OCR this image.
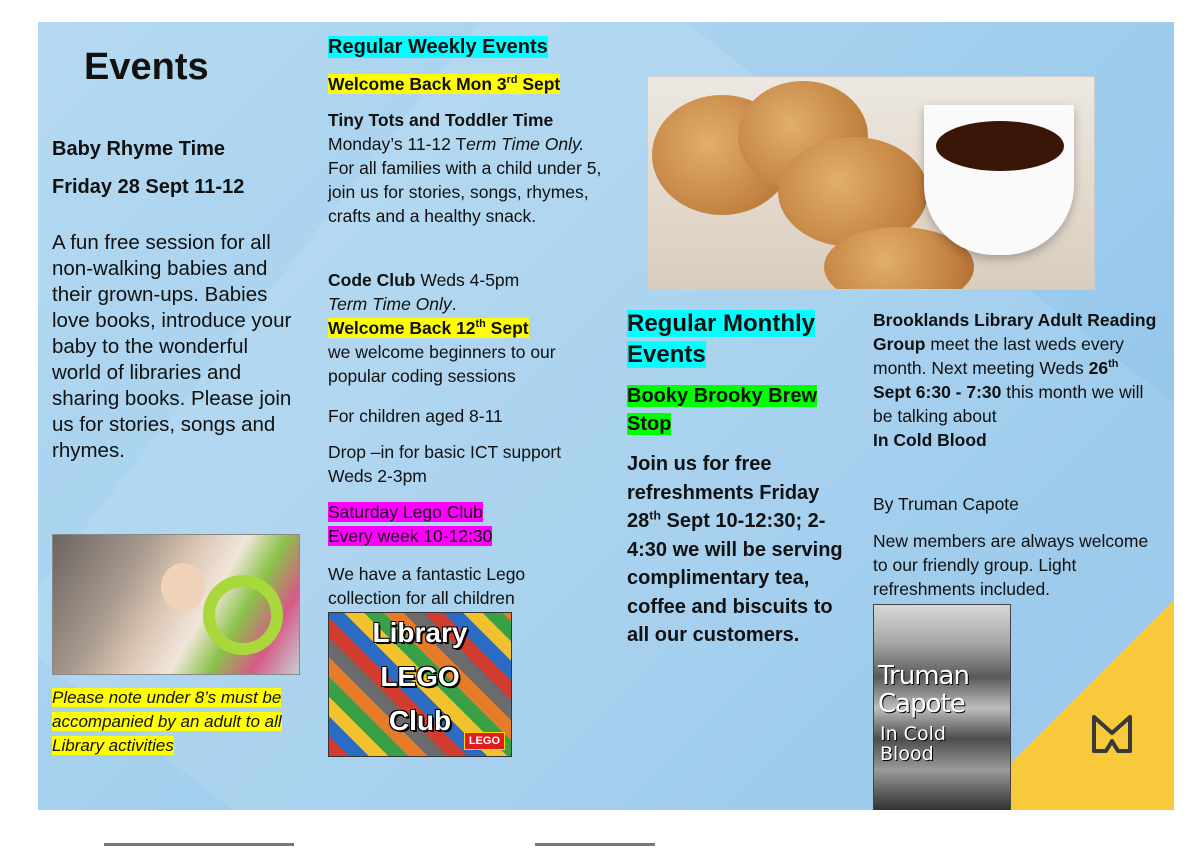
Events
Baby Rhyme Time
Friday 28 Sept 11-12
A fun free session for all non-walking babies and their grown-ups. Babies love books, introduce your baby to the wonderful world of libraries and sharing books. Please join us for stories, songs and rhymes.
Please note under 8’s must be accompanied by an adult to all Library activities
Regular Weekly Events
Welcome Back Mon 3rd Sept

Tiny Tots and Toddler Time

Monday’s 11-12 Term Time Only. For all families with a child under 5, join us for stories, songs, rhymes, crafts and a healthy snack.

Code Club Weds 4-5pm

Term Time Only.

Welcome Back 12th Sept

we welcome beginners to our popular coding sessions

For children aged 8-11
Drop –in for basic ICT support Weds 2-3pm

Saturday Lego Club

Every week 10-12:30

We have a fantastic Lego collection for all children
Library
LEGO
Club
LEGO
Regular Monthly
Events
Booky Brooky Brew
Stop
Join us for free refreshments Friday 28th Sept 10-12:30; 2- 4:30 we will be serving complimentary tea, coffee and biscuits to all our customers.

Brooklands Library Adult Reading Group meet the last weds every month. Next meeting Weds 26th Sept 6:30 - 7:30 this month we will be talking about

In Cold Blood

By Truman Capote
New members are always welcome to our friendly group. Light refreshments included.
Truman
Capote
In Cold
Blood
